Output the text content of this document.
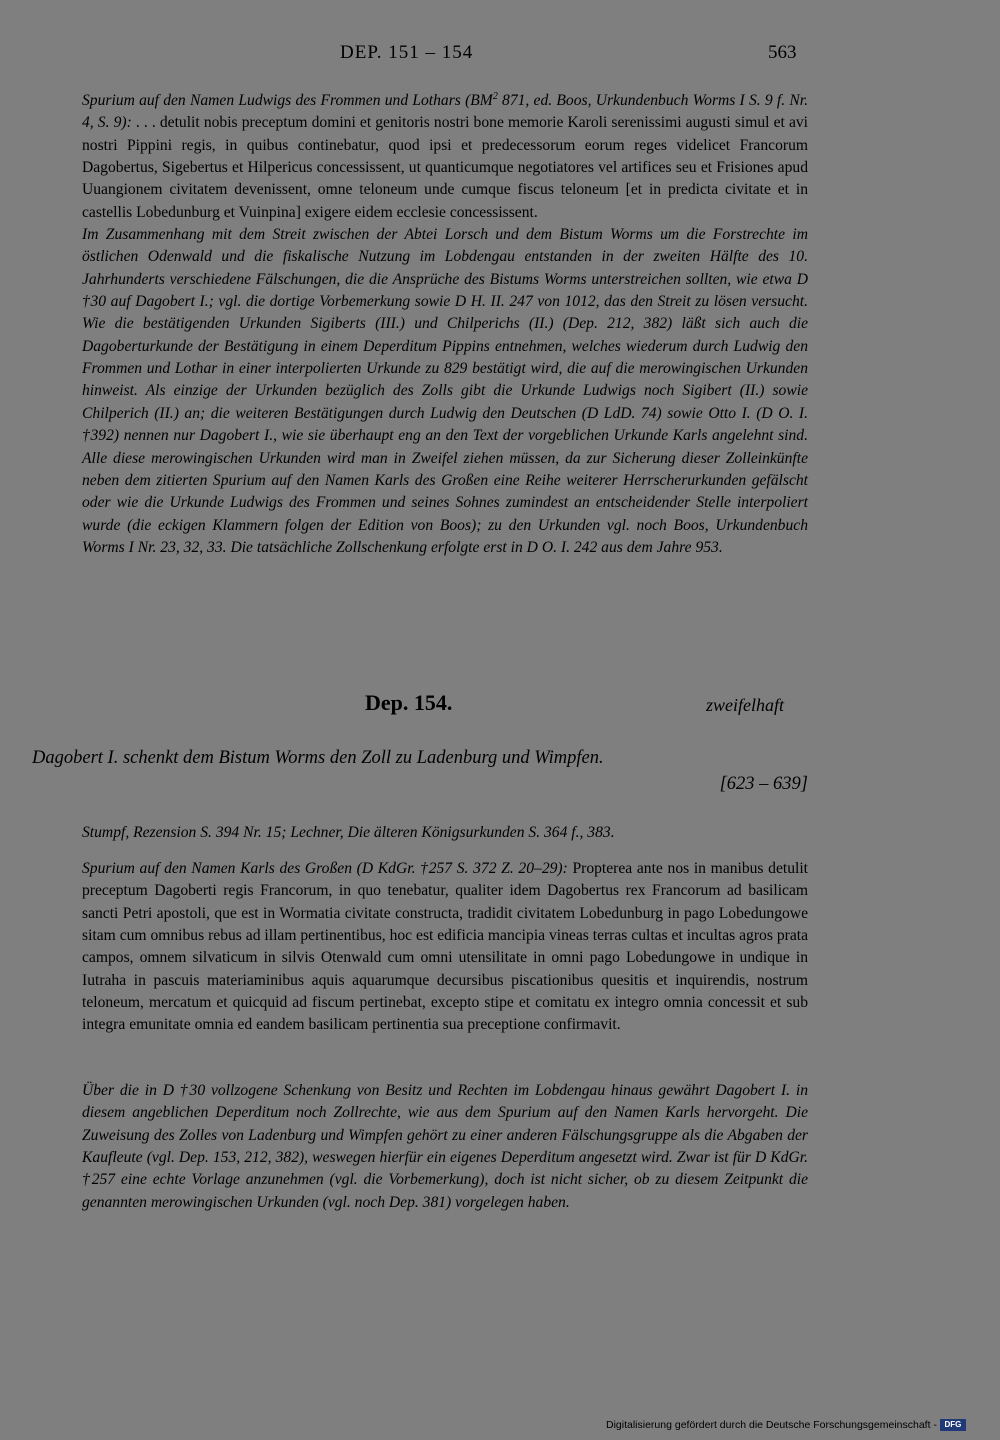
DEP. 151 – 154	563
Spurium auf den Namen Ludwigs des Frommen und Lothars ($BM^2$ 871, ed. Boos, Urkundenbuch Worms I S. 9 f. Nr. 4, S. 9): . . . detulit nobis preceptum domini et genitoris nostri bone memorie Karoli serenissimi augusti simul et avi nostri Pippini regis, in quibus continebatur, quod ipsi et predecessorum eorum reges videlicet Francorum Dagobertus, Sigebertus et Hilpericus concessissent, ut quanticumque negotiatores vel artifices seu et Frisiones apud Uuangionem civitatem devenissent, omne teloneum unde cumque fiscus teloneum [et in predicta civitate et in castellis Lobedunburg et Vuinpina] exigere eidem ecclesie concessissent.
Im Zusammenhang mit dem Streit zwischen der Abtei Lorsch und dem Bistum Worms um die Forstrechte im östlichen Odenwald und die fiskalische Nutzung im Lobdengau entstanden in der zweiten Hälfte des 10. Jahrhunderts verschiedene Fälschungen, die die Ansprüche des Bistums Worms unterstreichen sollten, wie etwa D †30 auf Dagobert I.; vgl. die dortige Vorbemerkung sowie D H. II. 247 von 1012, das den Streit zu lösen versucht. Wie die bestätigenden Urkunden Sigiberts (III.) und Chilperichs (II.) (Dep. 212, 382) läßt sich auch die Dagoberturkunde der Bestätigung in einem Deperditum Pippins entnehmen, welches wiederum durch Ludwig den Frommen und Lothar in einer interpolierten Urkunde zu 829 bestätigt wird, die auf die merowingischen Urkunden hinweist. Als einzige der Urkunden bezüglich des Zolls gibt die Urkunde Ludwigs noch Sigibert (II.) sowie Chilperich (II.) an; die weiteren Bestätigungen durch Ludwig den Deutschen (D LdD. 74) sowie Otto I. (D O. I. †392) nennen nur Dagobert I., wie sie überhaupt eng an den Text der vorgeblichen Urkunde Karls angelehnt sind. Alle diese merowingischen Urkunden wird man in Zweifel ziehen müssen, da zur Sicherung dieser Zolleinkünfte neben dem zitierten Spurium auf den Namen Karls des Großen eine Reihe weiterer Herrscherurkunden gefälscht oder wie die Urkunde Ludwigs des Frommen und seines Sohnes zumindest an entscheidender Stelle interpoliert wurde (die eckigen Klammern folgen der Edition von Boos); zu den Urkunden vgl. noch Boos, Urkundenbuch Worms I Nr. 23, 32, 33. Die tatsächliche Zollschenkung erfolgte erst in D O. I. 242 aus dem Jahre 953.
Dep. 154.	zweifelhaft
Dagobert I. schenkt dem Bistum Worms den Zoll zu Ladenburg und Wimpfen.
[623 – 639]
Stumpf, Rezension S. 394 Nr. 15; Lechner, Die älteren Königsurkunden S. 364 f., 383.
Spurium auf den Namen Karls des Großen (D KdGr. †257 S. 372 Z. 20–29): Propterea ante nos in manibus detulit preceptum Dagoberti regis Francorum, in quo tenebatur, qualiter idem Dagobertus rex Francorum ad basilicam sancti Petri apostoli, que est in Wormatia civitate constructa, tradidit civitatem Lobedunburg in pago Lobedungowe sitam cum omnibus rebus ad illam pertinentibus, hoc est edificia mancipia vineas terras cultas et incultas agros prata campos, omnem silvaticum in silvis Otenwald cum omni utensilitate in omni pago Lobedungowe in undique in Iutraha in pascuis materiaminibus aquis aquarumque decursibus piscationibus quesitis et inquirendis, nostrum teloneum, mercatum et quicquid ad fiscum pertinebat, excepto stipe et comitatu ex integro omnia concessit et sub integra emunitate omnia ed eandem basilicam pertinentia sua preceptione confirmavit.
Über die in D †30 vollzogene Schenkung von Besitz und Rechten im Lobdengau hinaus gewährt Dagobert I. in diesem angeblichen Deperditum noch Zollrechte, wie aus dem Spurium auf den Namen Karls hervorgeht. Die Zuweisung des Zolles von Ladenburg und Wimpfen gehört zu einer anderen Fälschungsgruppe als die Abgaben der Kaufleute (vgl. Dep. 153, 212, 382), weswegen hierfür ein eigenes Deperditum angesetzt wird. Zwar ist für D KdGr. †257 eine echte Vorlage anzunehmen (vgl. die Vorbemerkung), doch ist nicht sicher, ob zu diesem Zeitpunkt die genannten merowingischen Urkunden (vgl. noch Dep. 381) vorgelegen haben.
Digitalisierung gefördert durch die Deutsche Forschungsgemeinschaft - DFG
